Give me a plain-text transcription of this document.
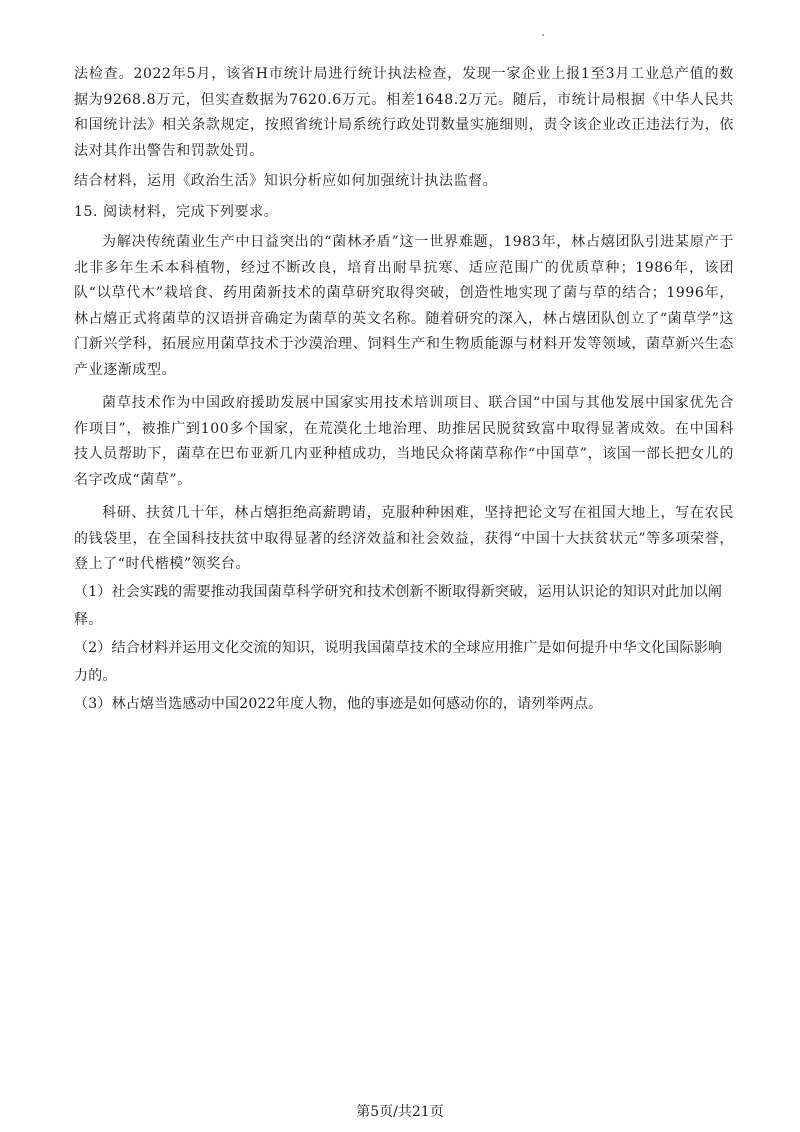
法检查。2022年5月，该省H市统计局进行统计执法检查，发现一家企业上报1至3月工业总产值的数据为9268.8万元，但实查数据为7620.6万元。相差1648.2万元。随后，市统计局根据《中华人民共和国统计法》相关条款规定，按照省统计局系统行政处罚数量实施细则，责令该企业改正违法行为，依法对其作出警告和罚款处罚。

结合材料，运用《政治生活》知识分析应如何加强统计执法监督。

15. 阅读材料，完成下列要求。

为解决传统菌业生产中日益突出的“菌林矛盾”这一世界难题，1983年，林占熺团队引进某原产于北非多年生禾本科植物，经过不断改良，培育出耐旱抗寒、适应范围广的优质草种；1986年，该团队“以草代木”栽培食、药用菌新技术的菌草研究取得突破，创造性地实现了菌与草的结合；1996年，林占熺正式将菌草的汉语拼音确定为菌草的英文名称。随着研究的深入，林占熺团队创立了“菌草学”这门新兴学科，拓展应用菌草技术于沙漠治理、饲料生产和生物质能源与材料开发等领域，菌草新兴生态产业逐渐成型。

菌草技术作为中国政府援助发展中国家实用技术培训项目、联合国“中国与其他发展中国家优先合作项目”，被推广到100多个国家，在荒漠化土地治理、助推居民脱贫致富中取得显著成效。在中国科技人员帮助下，菌草在巴布亚新几内亚种植成功，当地民众将菌草称作“中国草”，该国一部长把女儿的名字改成“菌草”。

科研、扶贫几十年，林占熺拒绝高薪聘请，克服种种困难，坚持把论文写在祖国大地上，写在农民的钱袋里，在全国科技扶贫中取得显著的经济效益和社会效益，获得“中国十大扶贫状元”等多项荣誉，登上了“时代楷模”领奖台。

（1）社会实践的需要推动我国菌草科学研究和技术创新不断取得新突破，运用认识论的知识对此加以阐释。

（2）结合材料并运用文化交流的知识，说明我国菌草技术的全球应用推广是如何提升中华文化国际影响力的。

（3）林占熺当选感动中国2022年度人物，他的事迹是如何感动你的，请列举两点。

第5页/共21页
